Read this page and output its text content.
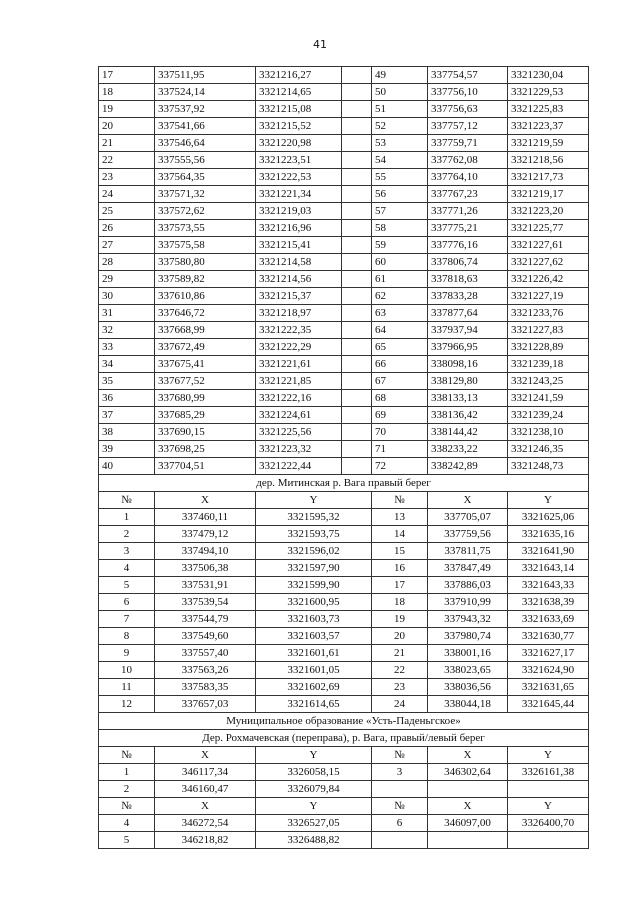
41
17	337511,95	3321216,27		49	337754,57	3321230,04
18	337524,14	3321214,65		50	337756,10	3321229,53
19	337537,92	3321215,08		51	337756,63	3321225,83
20	337541,66	3321215,52		52	337757,12	3321223,37
21	337546,64	3321220,98		53	337759,71	3321219,59
22	337555,56	3321223,51		54	337762,08	3321218,56
23	337564,35	3321222,53		55	337764,10	3321217,73
24	337571,32	3321221,34		56	337767,23	3321219,17
25	337572,62	3321219,03		57	337771,26	3321223,20
26	337573,55	3321216,96		58	337775,21	3321225,77
27	337575,58	3321215,41		59	337776,16	3321227,61
28	337580,80	3321214,58		60	337806,74	3321227,62
29	337589,82	3321214,56		61	337818,63	3321226,42
30	337610,86	3321215,37		62	337833,28	3321227,19
31	337646,72	3321218,97		63	337877,64	3321233,76
32	337668,99	3321222,35		64	337937,94	3321227,83
33	337672,49	3321222,29		65	337966,95	3321228,89
34	337675,41	3321221,61		66	338098,16	3321239,18
35	337677,52	3321221,85		67	338129,80	3321243,25
36	337680,99	3321222,16		68	338133,13	3321241,59
37	337685,29	3321224,61		69	338136,42	3321239,24
38	337690,15	3321225,56		70	338144,42	3321238,10
39	337698,25	3321223,32		71	338233,22	3321246,35
40	337704,51	3321222,44		72	338242,89	3321248,73
дер. Митинская р. Вага правый берег						
№	X	Y		№	X	Y
1	337460,11	3321595,32		13	337705,07	3321625,06
2	337479,12	3321593,75		14	337759,56	3321635,16
3	337494,10	3321596,02		15	337811,75	3321641,90
4	337506,38	3321597,90		16	337847,49	3321643,14
5	337531,91	3321599,90		17	337886,03	3321643,33
6	337539,54	3321600,95		18	337910,99	3321638,39
7	337544,79	3321603,73		19	337943,32	3321633,69
8	337549,60	3321603,57		20	337980,74	3321630,77
9	337557,40	3321601,61		21	338001,16	3321627,17
10	337563,26	3321601,05		22	338023,65	3321624,90
11	337583,35	3321602,69		23	338036,56	3321631,65
12	337657,03	3321614,65		24	338044,18	3321645,44
Муниципальное образование «Усть-Паденьгское»						
Дер. Рохмачевская (переправа), р. Вага, правый/левый берег						
№	X	Y		№	X	Y
1	346117,34	3326058,15		3	346302,64	3326161,38
2	346160,47	3326079,84				
№	X	Y		№	X	Y
4	346272,54	3326527,05		6	346097,00	3326400,70
5	346218,82	3326488,82				
